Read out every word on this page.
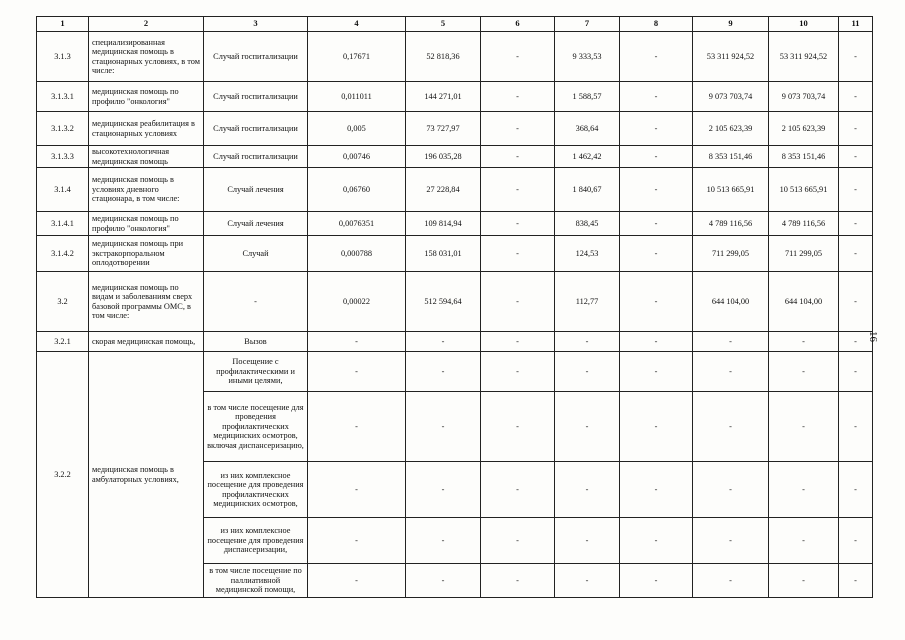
1	2	3	4	5	6	7	8	9	10	11
3.1.3	специализированная медицинская помощь в стационарных условиях, в том числе:	Случай госпитализации	0,17671	52 818,36	-	9 333,53	-	53 311 924,52	53 311 924,52	-
3.1.3.1	медицинская помощь по профилю "онкология"	Случай госпитализации	0,011011	144 271,01	-	1 588,57	-	9 073 703,74	9 073 703,74	-
3.1.3.2	медицинская реабилитация в стационарных условиях	Случай госпитализации	0,005	73 727,97	-	368,64	-	2 105 623,39	2 105 623,39	-
3.1.3.3	высокотехнологичная медицинская помощь	Случай госпитализации	0,00746	196 035,28	-	1 462,42	-	8 353 151,46	8 353 151,46	-
3.1.4	медицинская помощь в условиях дневного стационара, в том числе:	Случай лечения	0,06760	27 228,84	-	1 840,67	-	10 513 665,91	10 513 665,91	-
3.1.4.1	медицинская помощь по профилю "онкология"	Случай лечения	0,0076351	109 814,94	-	838,45	-	4 789 116,56	4 789 116,56	-
3.1.4.2	медицинская помощь при экстракорпоральном оплодотворении	Случай	0,000788	158 031,01	-	124,53	-	711 299,05	711 299,05	-
3.2	медицинская помощь по видам и заболеваниям сверх базовой программы ОМС, в том числе:	-	0,00022	512 594,64	-	112,77	-	644 104,00	644 104,00	-
3.2.1	скорая медицинская помощь,	Вызов	-	-	-	-	-	-	-	-
3.2.2	медицинская помощь в амбулаторных условиях,	Посещение с профилактическими и иными целями,	-	-	-	-	-	-	-	-
		в том числе посещение для проведения профилактических медицинских осмотров, включая диспансеризацию,	-	-	-	-	-	-	-	-
		из них комплексное посещение для проведения профилактических медицинских осмотров,	-	-	-	-	-	-	-	-
		из них комплексное посещение для проведения диспансеризации,	-	-	-	-	-	-	-	-
		в том числе посещение по паллиативной медицинской помощи,	-	-	-	-	-	-	-	-
16
